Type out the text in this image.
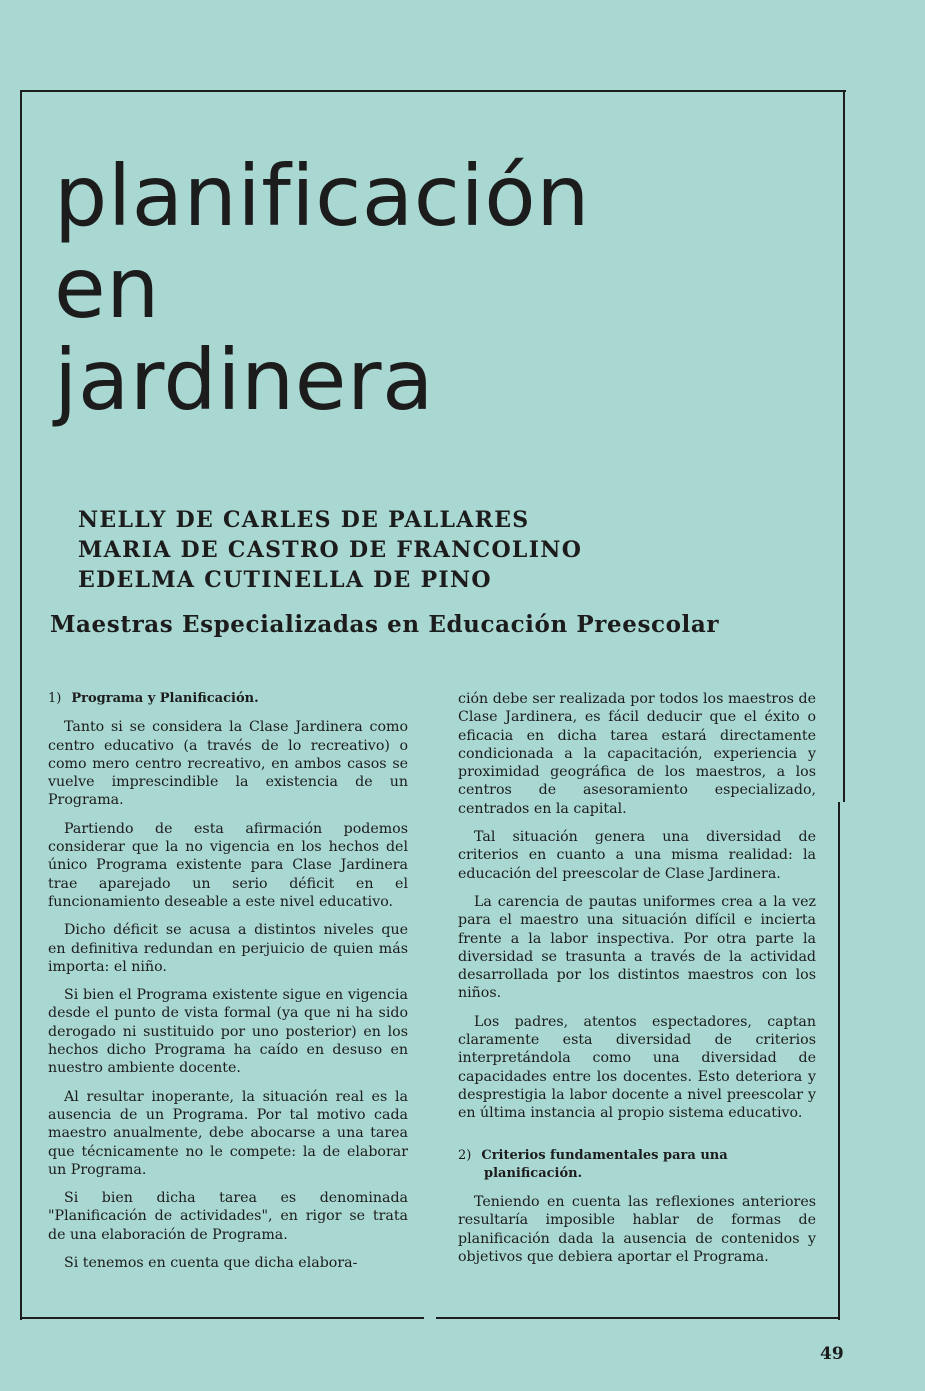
planificación
en
jardinera
NELLY DE CARLES DE PALLARES
MARIA DE CASTRO DE FRANCOLINO
EDELMA CUTINELLA DE PINO
Maestras Especializadas en Educación Preescolar
1) Programa y Planificación.

Tanto si se considera la Clase Jardinera como centro educativo (a través de lo recreativo) o como mero centro recreativo, en ambos casos se vuelve imprescindible la existencia de un Programa.

Partiendo de esta afirmación podemos considerar que la no vigencia en los hechos del único Programa existente para Clase Jardinera trae aparejado un serio déficit en el funcionamiento deseable a este nivel educativo.

Dicho déficit se acusa a distintos niveles que en definitiva redundan en perjuicio de quien más importa: el niño.

Si bien el Programa existente sigue en vigencia desde el punto de vista formal (ya que ni ha sido derogado ni sustituido por uno posterior) en los hechos dicho Programa ha caído en desuso en nuestro ambiente docente.

Al resultar inoperante, la situación real es la ausencia de un Programa. Por tal motivo cada maestro anualmente, debe abocarse a una tarea que técnicamente no le compete: la de elaborar un Programa.

Si bien dicha tarea es denominada "Planificación de actividades", en rigor se trata de una elaboración de Programa.

Si tenemos en cuenta que dicha elabora-

ción debe ser realizada por todos los maestros de Clase Jardinera, es fácil deducir que el éxito o eficacia en dicha tarea estará directamente condicionada a la capacitación, experiencia y proximidad geográfica de los maestros, a los centros de asesoramiento especializado, centrados en la capital.

Tal situación genera una diversidad de criterios en cuanto a una misma realidad: la educación del preescolar de Clase Jardinera.

La carencia de pautas uniformes crea a la vez para el maestro una situación difícil e incierta frente a la labor inspectiva. Por otra parte la diversidad se trasunta a través de la actividad desarrollada por los distintos maestros con los niños.

Los padres, atentos espectadores, captan claramente esta diversidad de criterios interpretándola como una diversidad de capacidades entre los docentes. Esto deteriora y desprestigia la labor docente a nivel preescolar y en última instancia al propio sistema educativo.

2) Criterios fundamentales para una planificación.

Teniendo en cuenta las reflexiones anteriores resultaría imposible hablar de formas de planificación dada la ausencia de contenidos y objetivos que debiera aportar el Programa.

49
